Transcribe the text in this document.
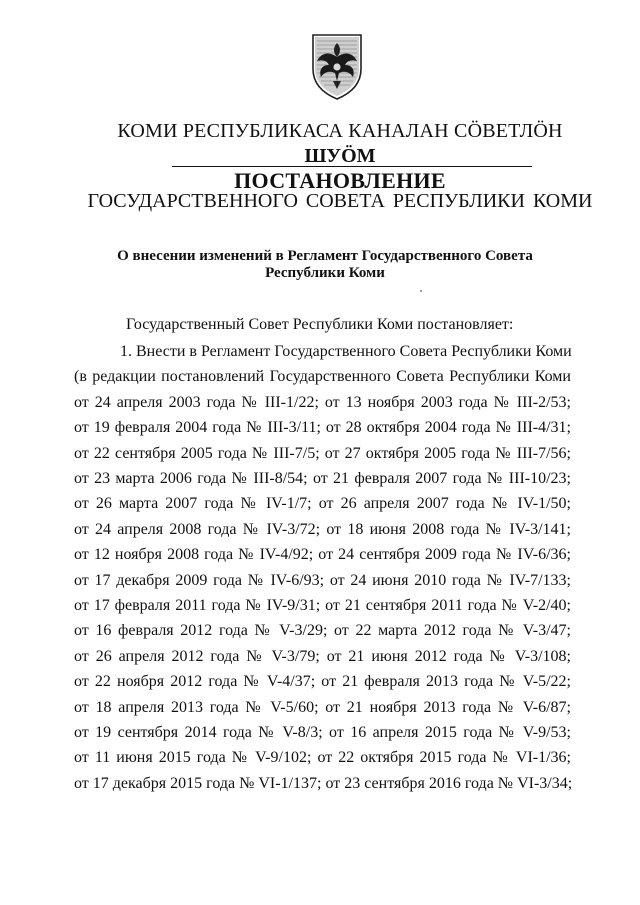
КОМИ РЕСПУБЛИКАСА КАНАЛАН СÖВЕТЛÖН
ШУÖМ
ПОСТАНОВЛЕНИЕ
ГОСУДАРСТВЕННОГО СОВЕТА РЕСПУБЛИКИ КОМИ
О внесении изменений в Регламент Государственного Совета
Республики Коми
Государственный Совет Республики Коми постановляет:
1. Внести в Регламент Государственного Совета Республики Коми
(в редакции постановлений Государственного Совета Республики Коми
от 24 апреля 2003 года № III-1/22; от 13 ноября 2003 года № III-2/53;
от 19 февраля 2004 года № III-3/11; от 28 октября 2004 года № III-4/31;
от 22 сентября 2005 года № III-7/5; от 27 октября 2005 года № III-7/56;
от 23 марта 2006 года № III-8/54; от 21 февраля 2007 года № III-10/23;
от 26 марта 2007 года № IV-1/7; от 26 апреля 2007 года № IV-1/50;
от 24 апреля 2008 года № IV-3/72; от 18 июня 2008 года № IV-3/141;
от 12 ноября 2008 года № IV-4/92; от 24 сентября 2009 года № IV-6/36;
от 17 декабря 2009 года № IV-6/93; от 24 июня 2010 года № IV-7/133;
от 17 февраля 2011 года № IV-9/31; от 21 сентября 2011 года № V-2/40;
от 16 февраля 2012 года № V-3/29; от 22 марта 2012 года № V-3/47;
от 26 апреля 2012 года № V-3/79; от 21 июня 2012 года № V-3/108;
от 22 ноября 2012 года № V-4/37; от 21 февраля 2013 года № V-5/22;
от 18 апреля 2013 года № V-5/60; от 21 ноября 2013 года № V-6/87;
от 19 сентября 2014 года № V-8/3; от 16 апреля 2015 года № V-9/53;
от 11 июня 2015 года № V-9/102; от 22 октября 2015 года № VI-1/36;
от 17 декабря 2015 года № VI-1/137; от 23 сентября 2016 года № VI-3/34;
